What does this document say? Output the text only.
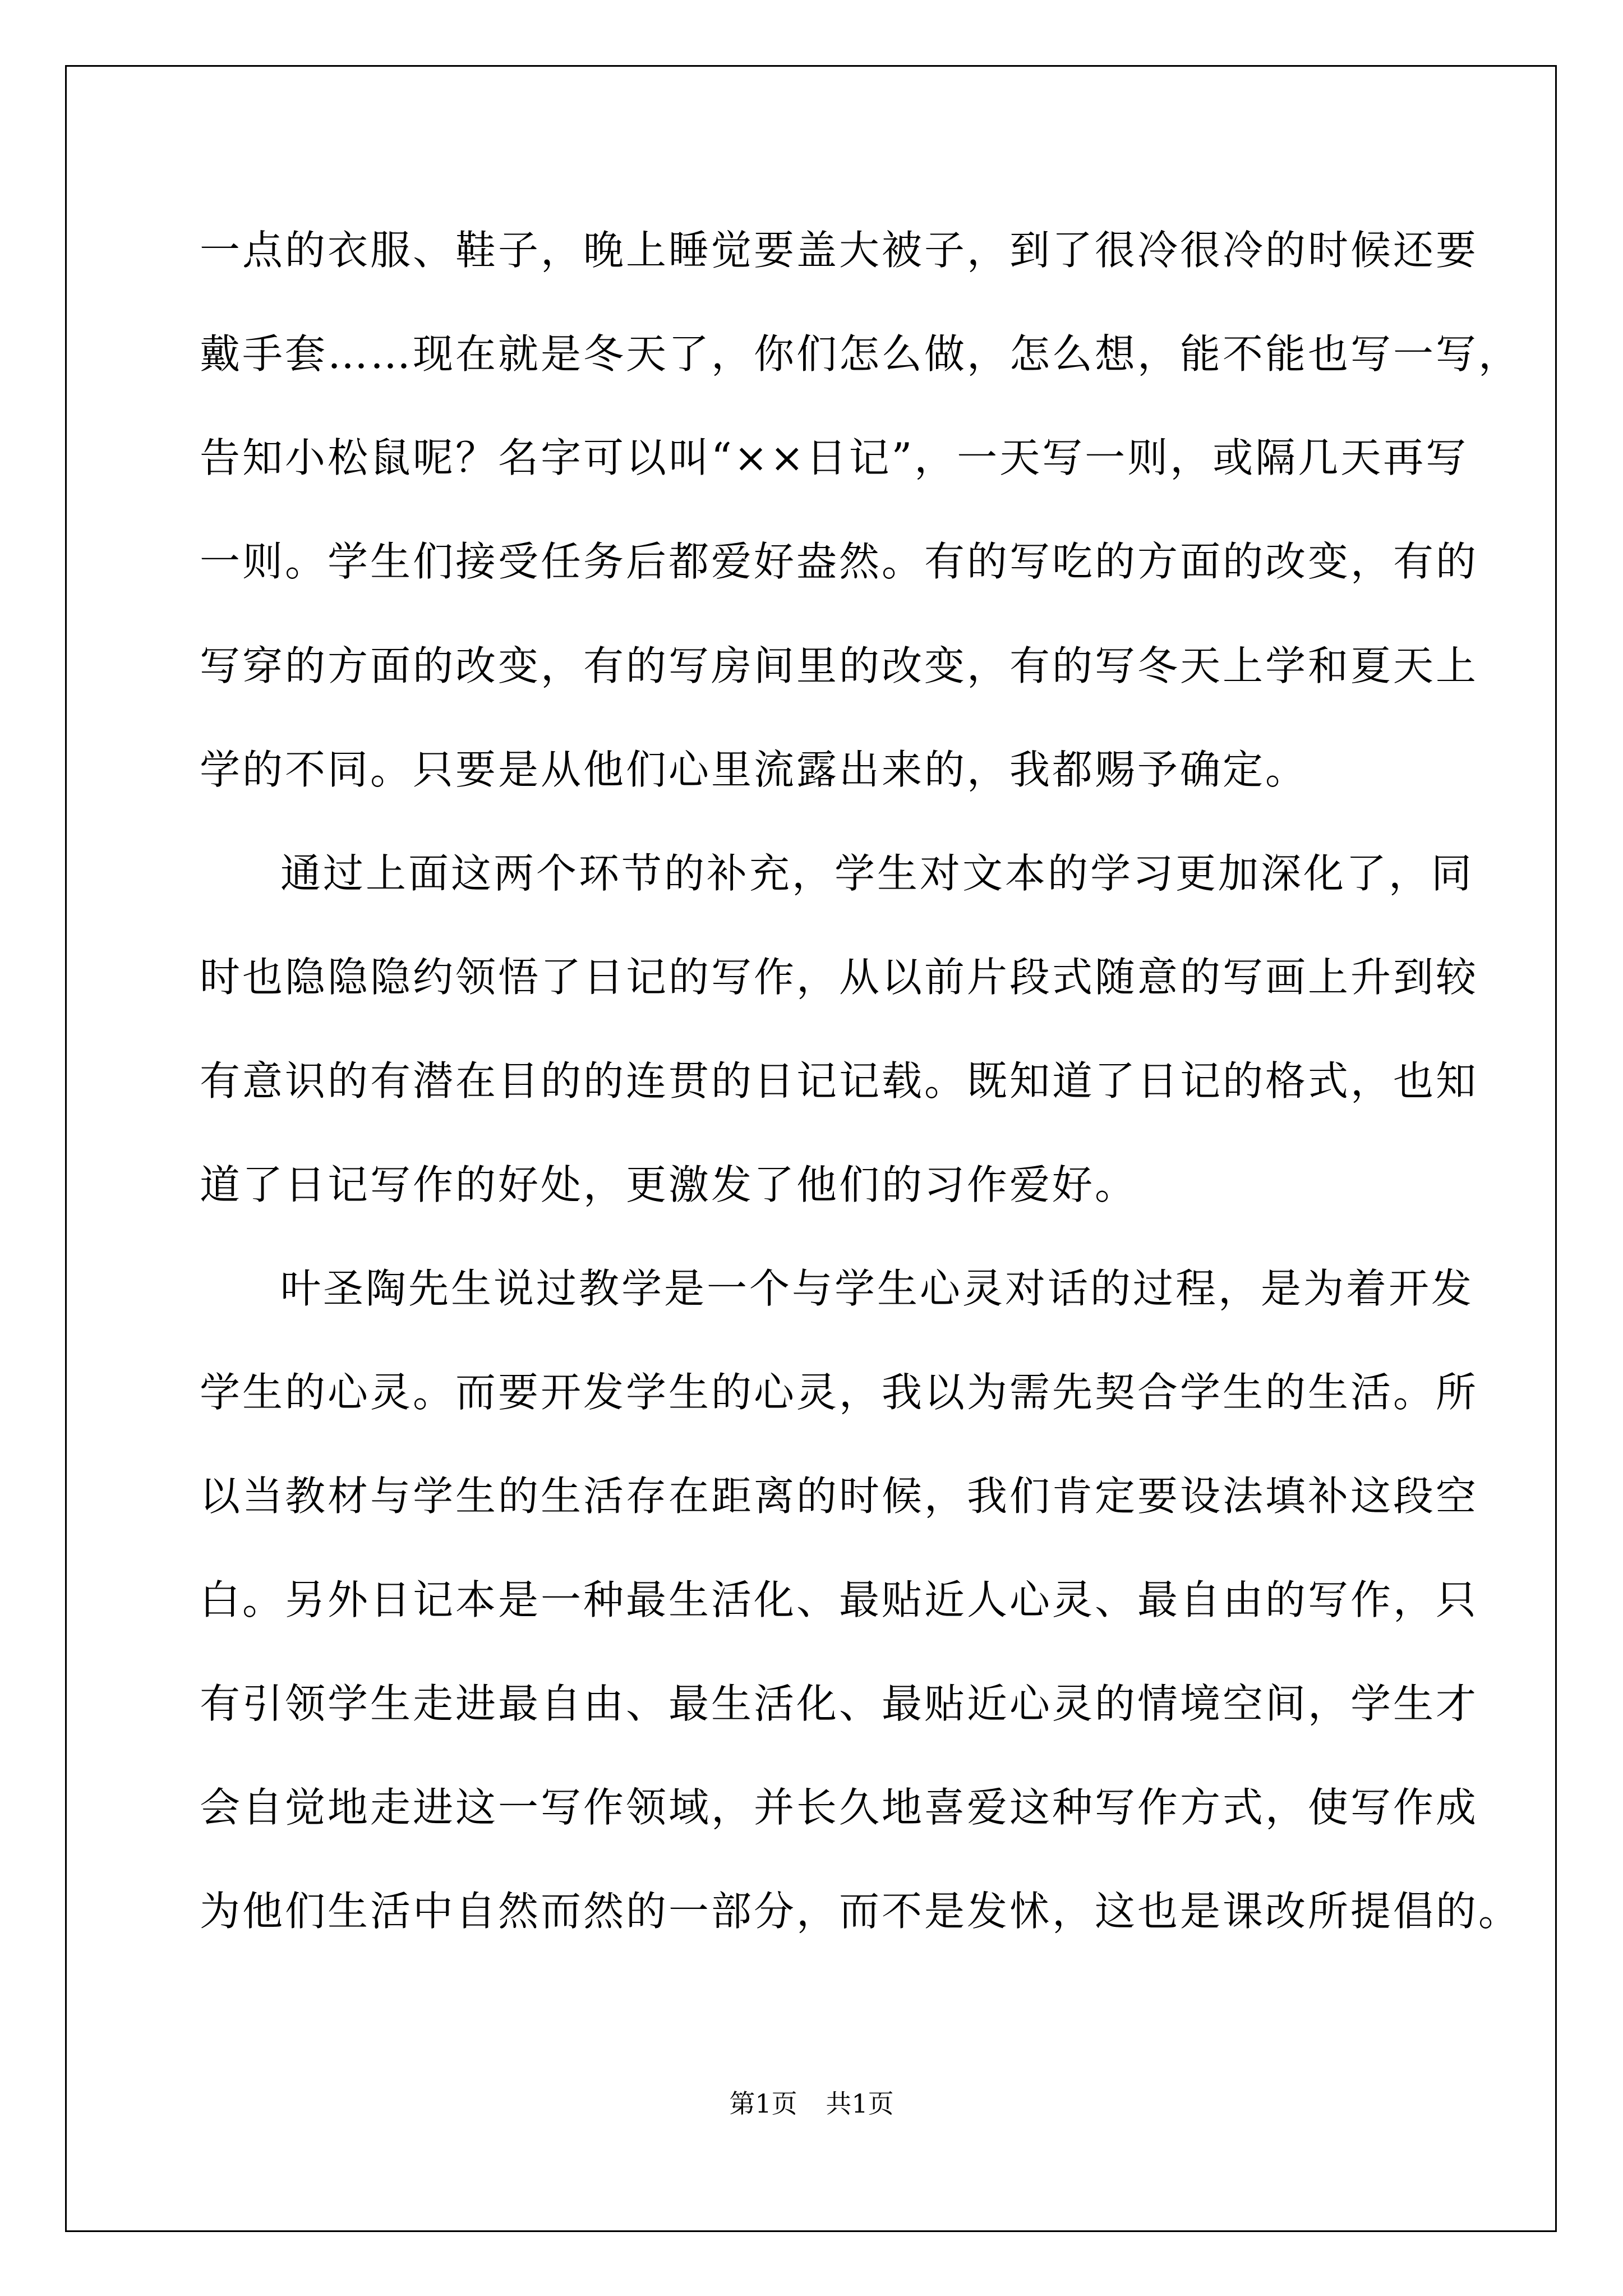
一点的衣服、鞋子，晚上睡觉要盖大被子，到了很冷很冷的时候还要
戴手套……现在就是冬天了，你们怎么做，怎么想，能不能也写一写，
告知小松鼠呢？名字可以叫“××日记”，一天写一则，或隔几天再写
一则。学生们接受任务后都爱好盎然。有的写吃的方面的改变，有的
写穿的方面的改变，有的写房间里的改变，有的写冬天上学和夏天上
学的不同。只要是从他们心里流露出来的，我都赐予确定。
通过上面这两个环节的补充，学生对文本的学习更加深化了，同
时也隐隐隐约领悟了日记的写作，从以前片段式随意的写画上升到较
有意识的有潜在目的的连贯的日记记载。既知道了日记的格式，也知
道了日记写作的好处，更激发了他们的习作爱好。
叶圣陶先生说过教学是一个与学生心灵对话的过程，是为着开发
学生的心灵。而要开发学生的心灵，我以为需先契合学生的生活。所
以当教材与学生的生活存在距离的时候，我们肯定要设法填补这段空
白。另外日记本是一种最生活化、最贴近人心灵、最自由的写作，只
有引领学生走进最自由、最生活化、最贴近心灵的情境空间，学生才
会自觉地走进这一写作领域，并长久地喜爱这种写作方式，使写作成
为他们生活中自然而然的一部分，而不是发怵，这也是课改所提倡的。
第1页 共1页
